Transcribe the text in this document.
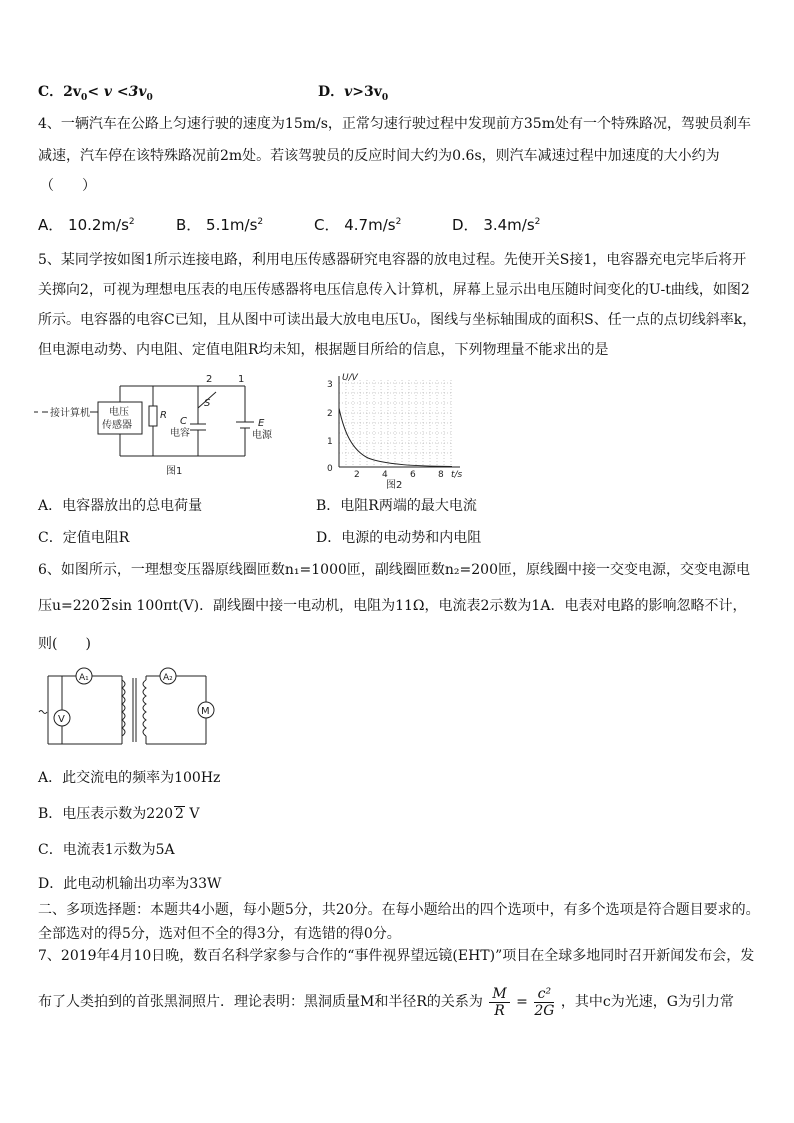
C．$2v_0< v <3v_0$	D．$v>3v_0$
4、一辆汽车在公路上匀速行驶的速度为15m/s，正常匀速行驶过程中发现前方35m处有一个特殊路况，驾驶员刹车
减速，汽车停在该特殊路况前2m处。若该驾驶员的反应时间大约为0.6s，则汽车减速过程中加速度的大小约为
（　　）
A． $10.2m/s^2$	B． $5.1m/s^2$	C． $4.7m/s^2$	D． $3.4m/s^2$
5、某同学按如图1所示连接电路，利用电压传感器研究电容器的放电过程。先使开关S接1，电容器充电完毕后将开
关掷向2，可视为理想电压表的电压传感器将电压信息传入计算机，屏幕上显示出电压随时间变化的U-t曲线，如图2
所示。电容器的电容C已知，且从图中可读出最大放电电压U₀，图线与坐标轴围成的面积S、任一点的点切线斜率k，
但电源电动势、内电阻、定值电阻R均未知，根据题目所给的信息，下列物理量不能求出的是
接计算机 电压
传感器
R
2	1
S
C
电容
E
电源
图1
U/V
t/s
3
2
1
0
2 4 6 8
图2
A．电容器放出的总电荷量	B．电阻R两端的最大电流
C．定值电阻R	D．电源的电动势和内电阻
6、如图所示，一理想变压器原线圈匝数n₁=1000匝，副线圈匝数n₂=200匝，原线圈中接一交变电源，交变电源电
压u=220 2sin 100πt(V)．副线圈中接一电动机，电阻为11Ω，电流表2示数为1A．电表对电路的影响忽略不计，
则(　　)
A₁
V
A₂
M
A．此交流电的频率为100Hz
B．电压表示数为220 2 V
C．电流表1示数为5A
D．此电动机输出功率为33W
二、多项选择题：本题共4小题，每小题5分，共20分。在每小题给出的四个选项中，有多个选项是符合题目要求的。
全部选对的得5分，选对但不全的得3分，有选错的得0分。
7、2019年4月10日晚，数百名科学家参与合作的“事件视界望远镜(EHT)”项目在全球多地同时召开新闻发布会，发
布了人类拍到的首张黑洞照片．理论表明：黑洞质量M和半径R的关系为 $\frac{M}{R} = \frac{\text{c²}}{2G}$ ，其中c为光速，G为引力常
